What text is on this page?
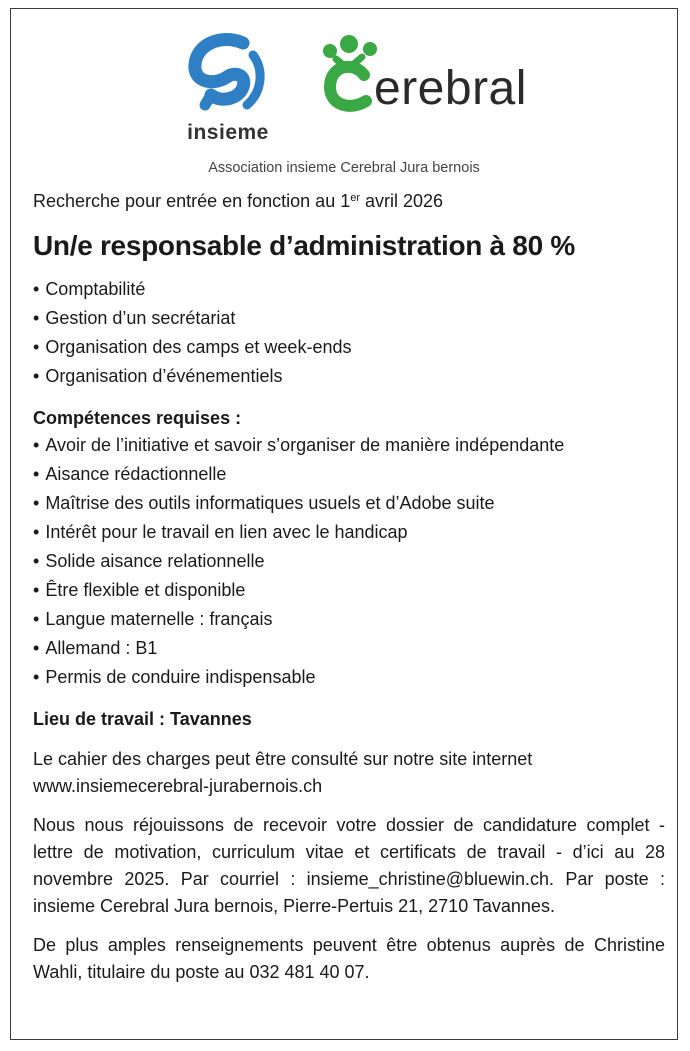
insieme
erebral
Association insieme Cerebral Jura bernois

Recherche pour entrée en fonction au 1er avril 2026

Un/e responsable d’administration à 80 %
• Comptabilité
• Gestion d’un secrétariat
• Organisation des camps et week-ends
• Organisation d’événementiels
Compétences requises :
• Avoir de l’initiative et savoir s’organiser de manière indépendante
• Aisance rédactionnelle
• Maîtrise des outils informatiques usuels et d’Adobe suite
• Intérêt pour le travail en lien avec le handicap
• Solide aisance relationnelle
• Être flexible et disponible
• Langue maternelle : français
• Allemand : B1
• Permis de conduire indispensable
Lieu de travail : Tavannes

Le cahier des charges peut être consulté sur notre site internet

www.insiemecerebral-jurabernois.ch

Nous nous réjouissons de recevoir votre dossier de candidature complet - lettre de motivation, curriculum vitae et certificats de travail - d’ici au 28 novembre 2025. Par courriel : insieme_christine@bluewin.ch. Par poste : insieme Cerebral Jura bernois, Pierre-Pertuis 21, 2710 Tavannes.

De plus amples renseignements peuvent être obtenus auprès de Christine Wahli, titulaire du poste au 032 481 40 07.
